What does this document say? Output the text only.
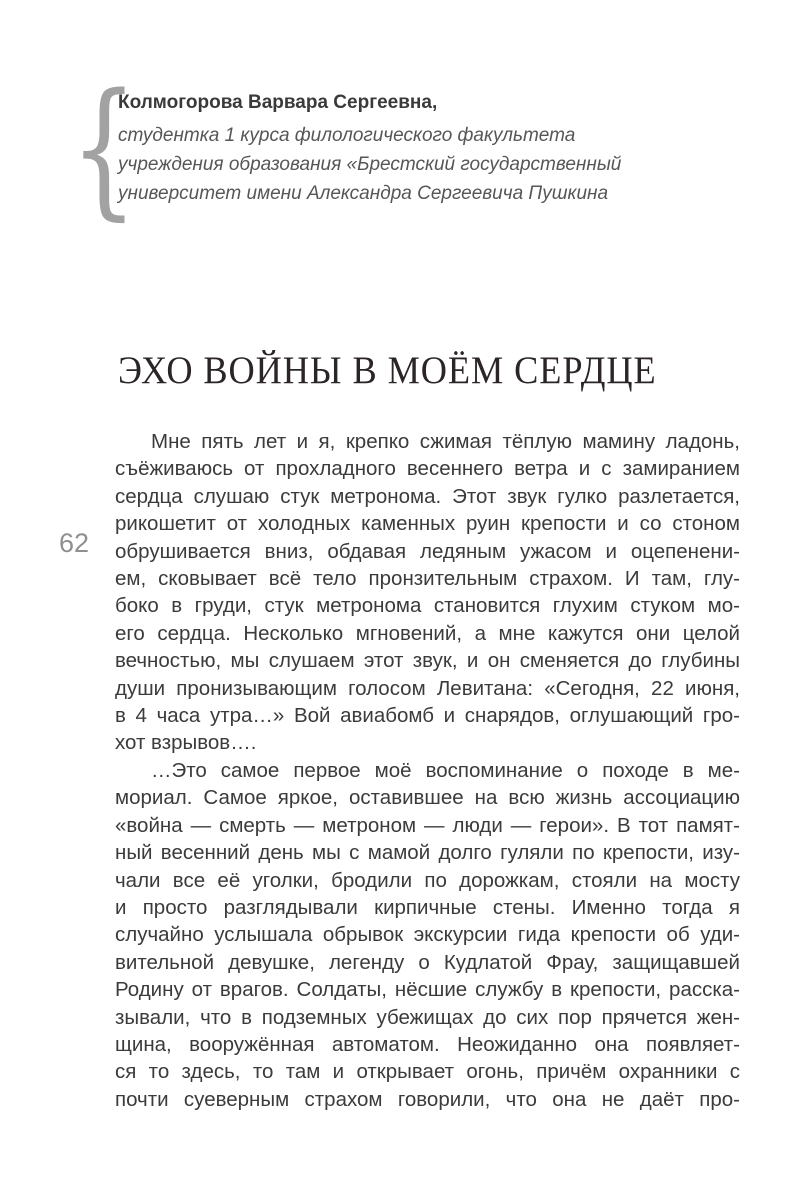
{
Колмогорова Варвара Сергеевна,
студентка 1 курса филологического факультета
учреждения образования «Брестский государственный
университет имени Александра Сергеевича Пушкина
62
ЭХО ВОЙНЫ В МОЁМ СЕРДЦЕ
Мне пять лет и я, крепко сжимая тёплую мамину ладонь,
съёживаюсь от прохладного весеннего ветра и с замиранием
сердца слушаю стук метронома. Этот звук гулко разлетается,
рикошетит от холодных каменных руин крепости и со стоном
обрушивается вниз, обдавая ледяным ужасом и оцепенени-
ем, сковывает всё тело пронзительным страхом. И там, глу-
боко в груди, стук метронома становится глухим стуком мо-
его сердца. Несколько мгновений, а мне кажутся они целой
вечностью, мы слушаем этот звук, и он сменяется до глубины
души пронизывающим голосом Левитана: «Сегодня, 22 июня,
в 4 часа утра…» Вой авиабомб и снарядов, оглушающий гро-
хот взрывов….
…Это самое первое моё воспоминание о походе в ме-
мориал. Самое яркое, оставившее на всю жизнь ассоциацию
«война — смерть — метроном — люди — герои». В тот памят-
ный весенний день мы с мамой долго гуляли по крепости, изу-
чали все её уголки, бродили по дорожкам, стояли на мосту
и просто разглядывали кирпичные стены. Именно тогда я
случайно услышала обрывок экскурсии гида крепости об уди-
вительной девушке, легенду о Кудлатой Фрау, защищавшей
Родину от врагов. Солдаты, нёсшие службу в крепости, расска-
зывали, что в подземных убежищах до сих пор прячется жен-
щина, вооружённая автоматом. Неожиданно она появляет-
ся то здесь, то там и открывает огонь, причём охранники с
почти суеверным страхом говорили, что она не даёт про-
